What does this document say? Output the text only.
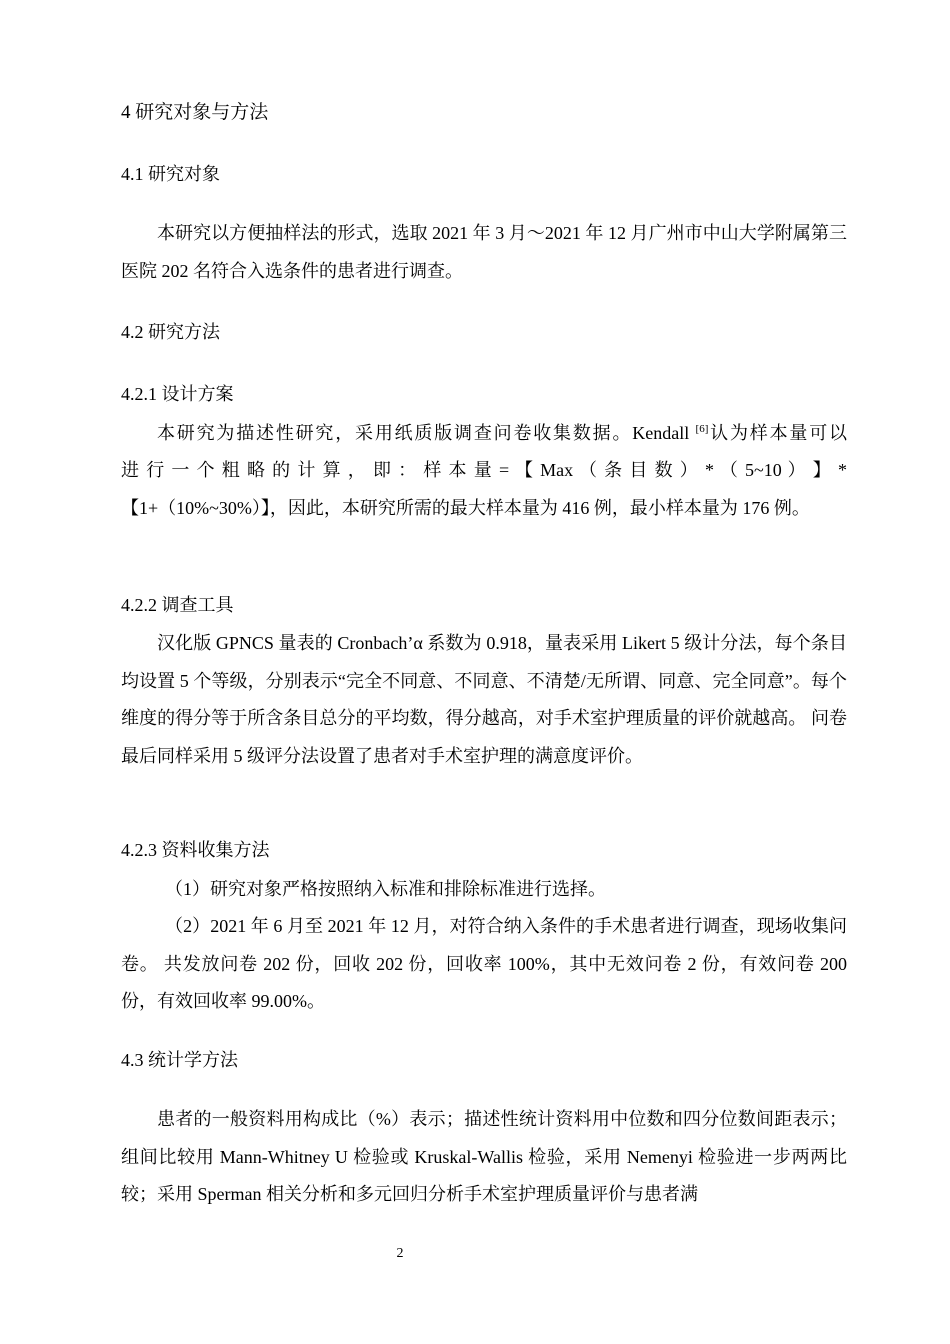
4 研究对象与方法
4.1 研究对象

本研究以方便抽样法的形式，选取 2021 年 3 月～2021 年 12 月广州市中山大学附属第三医院 202 名符合入选条件的患者进行调查。

4.2 研究方法
4.2.1 设计方案

本研究为描述性研究，采用纸质版调查问卷收集数据。Kendall [6]认为样本量可以

进 行 一 个 粗 略 的 计 算 ， 即 ： 样 本 量 = 【 Max （ 条 目 数 ） * （ 5~10 ） 】 *

【1+（10%~30%）】，因此，本研究所需的最大样本量为 416 例，最小样本量为 176 例。

4.2.2 调查工具

汉化版 GPNCS 量表的 Cronbach’α 系数为 0.918，量表采用 Likert 5 级计分法，每个条目均设置 5 个等级，分别表示“完全不同意、不同意、不清楚/无所谓、同意、完全同意”。每个维度的得分等于所含条目总分的平均数，得分越高，对手术室护理质量的评价就越高。 问卷最后同样采用 5 级评分法设置了患者对手术室护理的满意度评价。

4.2.3 资料收集方法

（1）研究对象严格按照纳入标准和排除标准进行选择。

（2）2021 年 6 月至 2021 年 12 月，对符合纳入条件的手术患者进行调查，现场收集问卷。 共发放问卷 202 份，回收 202 份，回收率 100%，其中无效问卷 2 份，有效问卷 200 份，有效回收率 99.00%。

4.3 统计学方法

患者的一般资料用构成比（%）表示；描述性统计资料用中位数和四分位数间距表示；组间比较用 Mann-Whitney U 检验或 Kruskal-Wallis 检验，采用 Nemenyi 检验进一步两两比较；采用 Sperman 相关分析和多元回归分析手术室护理质量评价与患者满

2
